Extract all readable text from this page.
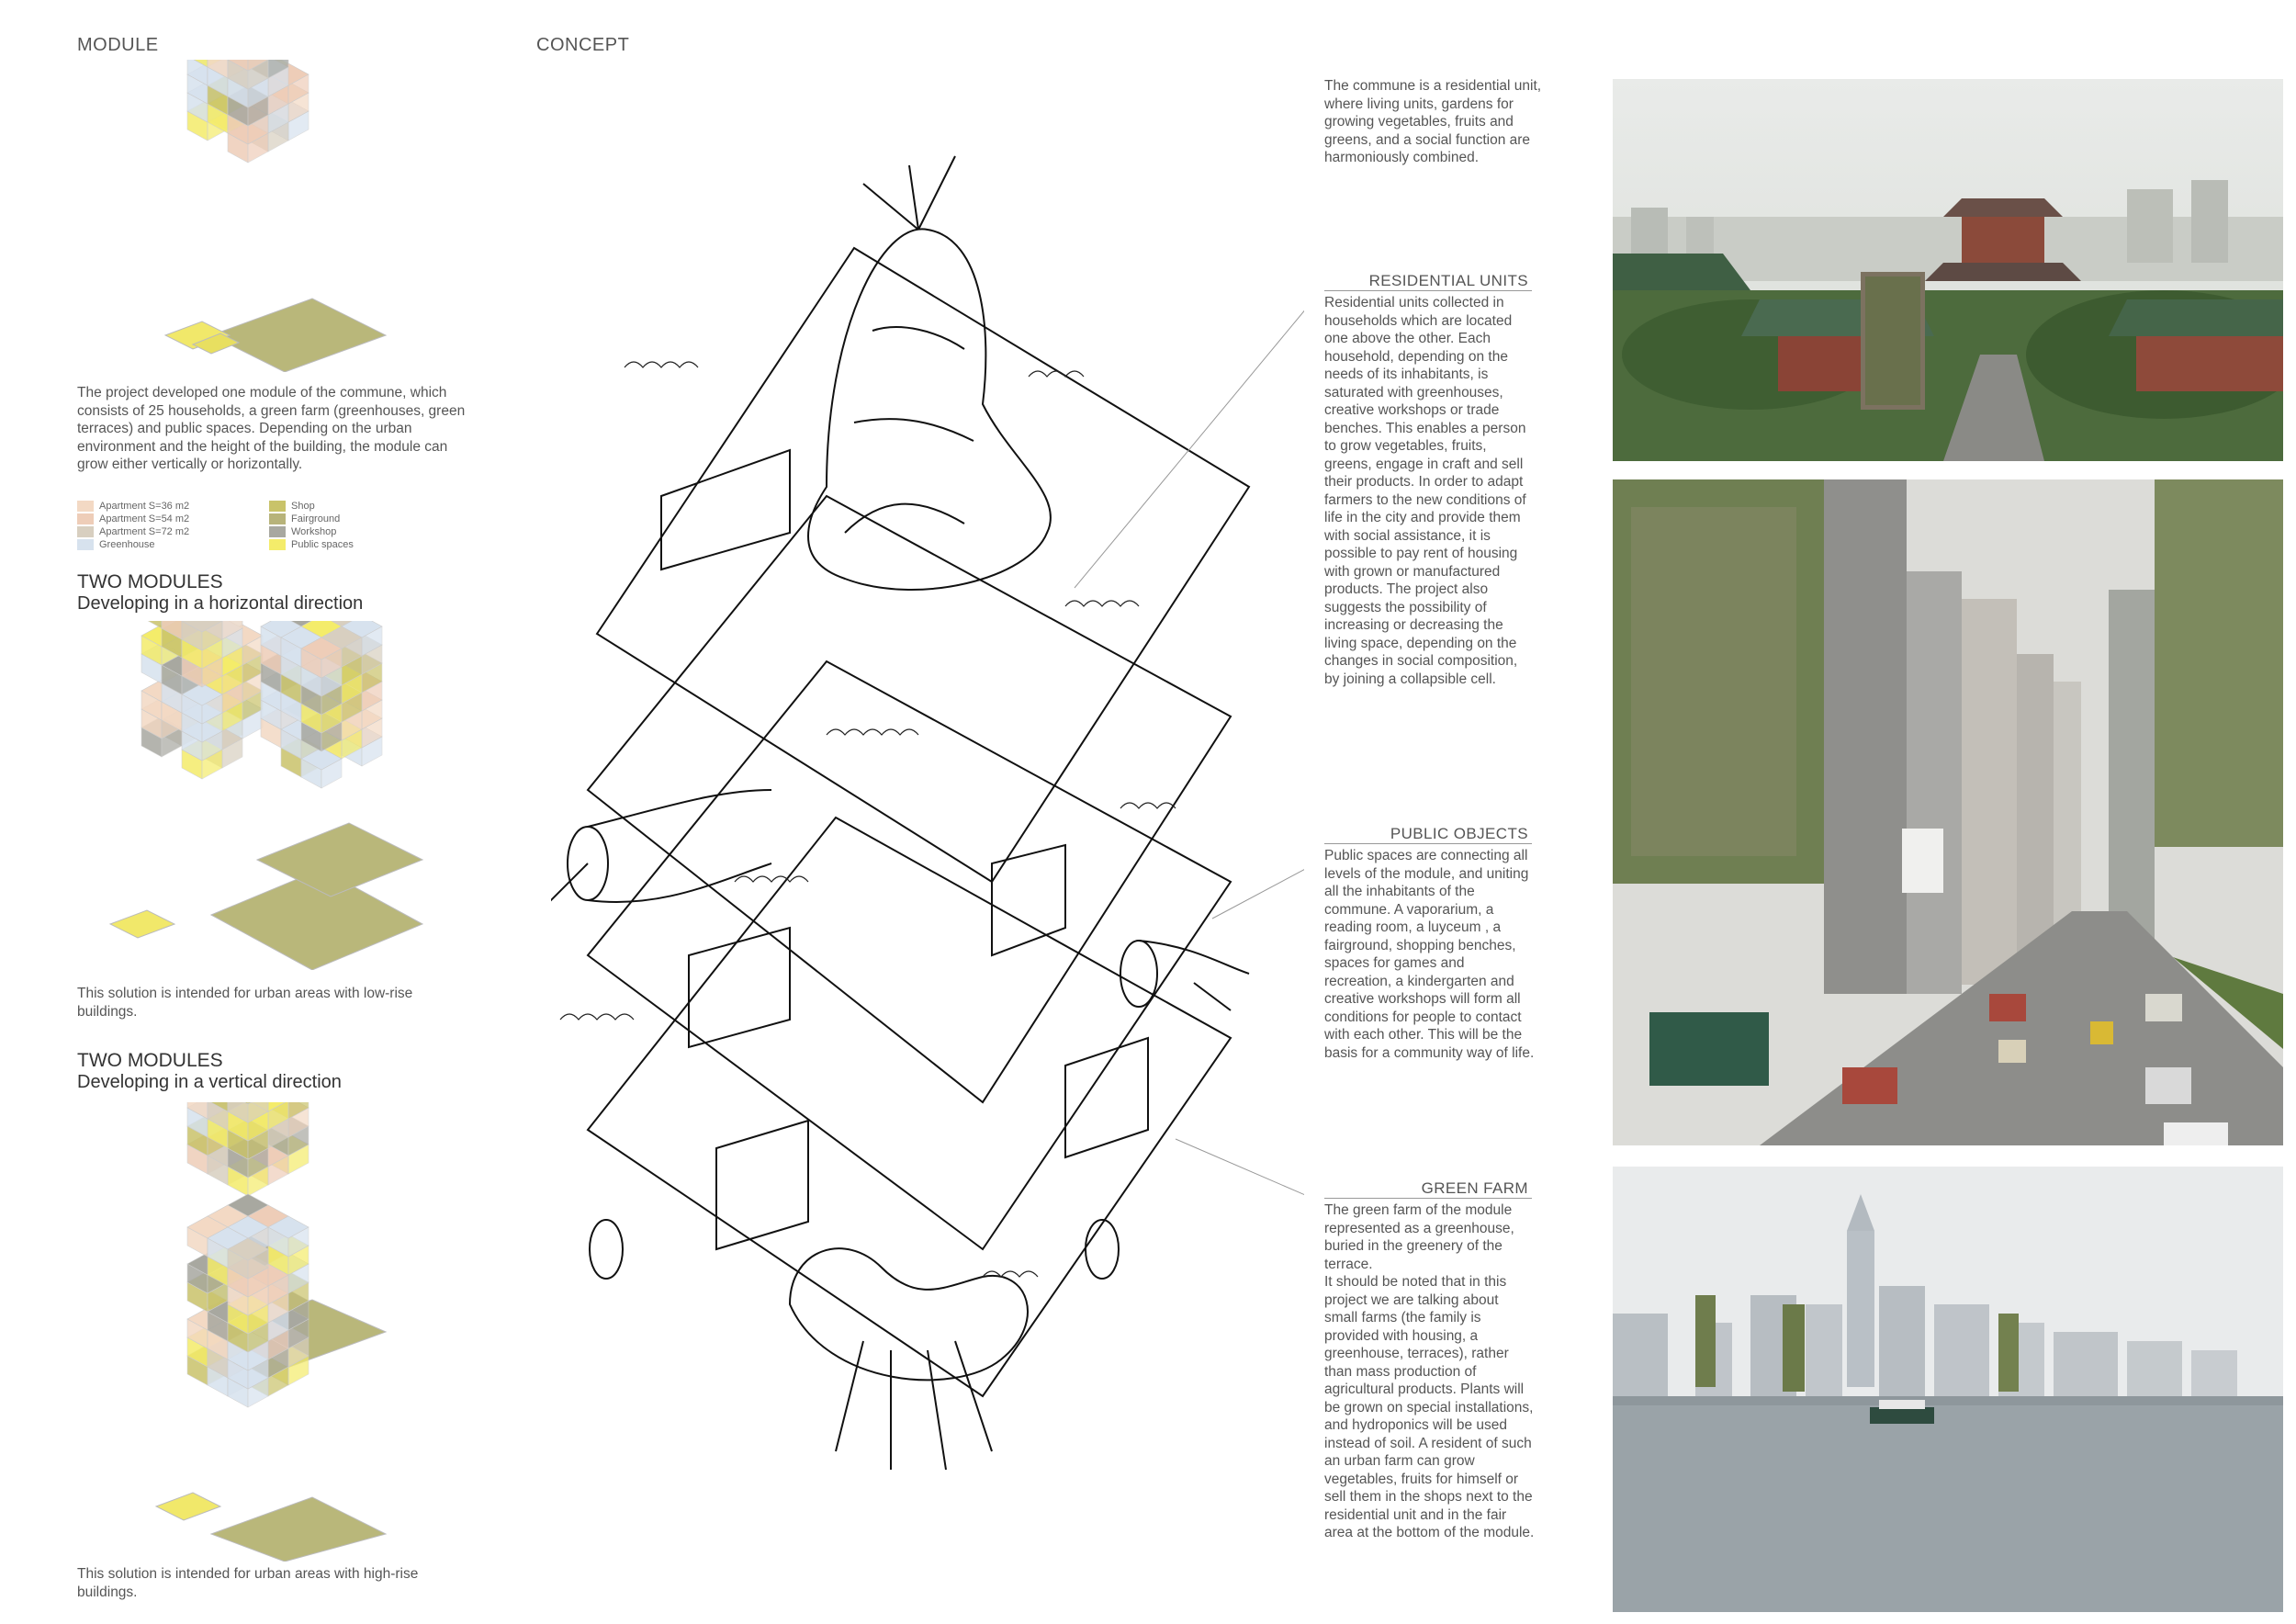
MODULE	CONCEPT
The project developed one module of the commune, which consists of 25 households, a green farm (greenhouses, green terraces) and public spaces. Depending on the urban environment and the height of the building, the module can grow either vertically or horizontally.
Apartment S=36 m2
Apartment S=54 m2
Apartment S=72 m2
Greenhouse
Shop
Fairground
Workshop
Public spaces
TWO MODULES
Developing in a horizontal direction
This solution is intended for urban areas with low-rise buildings.
TWO MODULES
Developing in a vertical direction
This solution is intended for urban areas with high-rise buildings.
The commune is a residential unit, where living units, gardens for growing vegetables, fruits and greens, and a social function are harmoniously combined.
RESIDENTIAL UNITS
Residential units collected in households which are located one above the other. Each household, depending on the needs of its inhabitants, is saturated with greenhouses, creative workshops or trade benches. This enables a person to grow vegetables, fruits, greens, engage in craft and sell their products. In order to adapt farmers to the new conditions of life in the city and provide them with social assistance, it is possible to pay rent of housing with grown or manufactured products. The project also suggests the possibility of increasing or decreasing the living space, depending on the changes in social composition, by joining a collapsible cell.
PUBLIC OBJECTS
Public spaces are connecting all levels of the module, and uniting all the inhabitants of the commune. A vaporarium, a reading room, a luyceum , a fairground, shopping benches, spaces for games and recreation, a kindergarten and creative workshops will form all conditions for people to contact with each other. This will be the basis for a community way of life.
GREEN FARM
The green farm of the module represented as a greenhouse, buried in the greenery of the terrace.
It should be noted that in this project we are talking about small farms (the family is provided with housing, a greenhouse, terraces), rather than mass production of agricultural products. Plants will be grown on special installations, and hydroponics will be used instead of soil. A resident of such an urban farm can grow vegetables, fruits for himself or sell them in the shops next to the residential unit and in the fair area at the bottom of the module.
